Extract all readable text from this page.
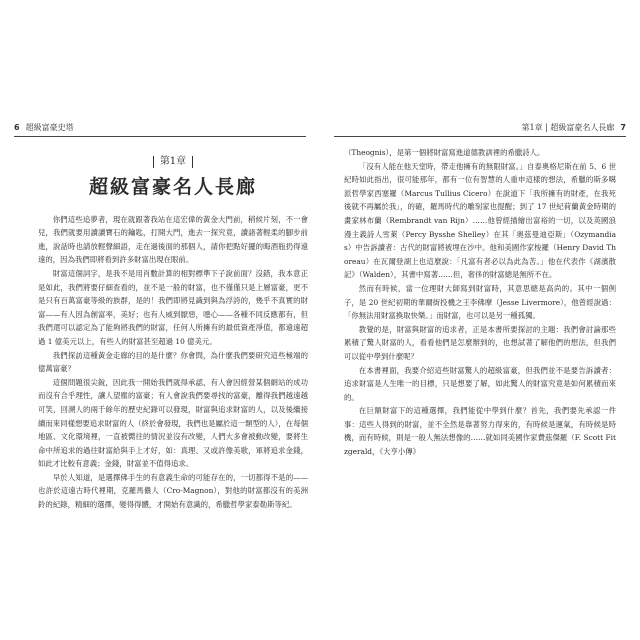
6 超級富豪史塔
第1章
超級富豪名人長廊

你們這些追夢者，現在就跟著我站在這宏偉的黃金大門前，稍候片刻，不一會兒，我們就要用讀讀寶石的鑰匙，打開大門，進去一探究竟，讀諸著輕柔的腳步前進，說話時也請放輕聲細語，走在過後面的那個人，請你把點好擺的晦酒瓶扔得遠遠的，因為我們即將看到許多財富出現在眼前。

財富這個詞字，是我不是用肖數計算的相對標準下子說前面？沒錯，我本意正是如此，我們將要仔細查看的，並不是一般的財富，也不僅僅只是上層富豪，更不是只有百萬富豪等級的族群，是的！我們即將見識到與為浮誇的，幾乎不真實的財富——有人因為創富率，美好；也有人威到厭惡，噁心——各種不同反應都有，但我們還可以認定為了能夠將我們的財富，任何人所擁有的最低資產淨值，都遠遠超過 1 億美元以上，有些人的財富甚至超過 10 億美元。

我們探訪這種黃金走廊的目的是什麼？你會問，為什麼我們要研究這些極端的億萬富豪？

這個問題很尖銳，因此我一開始我們就得承認，有人會因經營某個網站的成功而沒有合乎理性，讓人望塵的富豪；有人會說我們要尋找的富豪，離得我們越遠越可笑，回溯人的兩千餘年的歷史紀錄可以發現，財富與追求財富的人，以及後繼接續而來同樣想要追求財富的人（終於會發現，我們也是屬於這一類型的人），在每個地區、文化環境裡，一直被嚮往的情況並沒有改變，人們大多會被動改變，要將生命中所追求的過往財富給與手上才好，如：真理、又或許像美歌，軍將追求金錢，如此才比較有意義；金錢，財富並不值得追求。

早於人知道，是選擇佛手生的有意義生命的可能存在的，一切都得不是的——也許於這遠古時代裡期，克羅馬儂人（Cro-Magnon），對他的財富都沒有的美洲鈴的紀錄，精細的選擇，變得得體，才開始有意識的，希臘哲學家泰勒斯等紀。

第1章 | 超級富豪名人長廊 7

（Theognis），是第一個將財富寫進道德教訓裡的希臘詩人。

「沒有人能在他天堂時，帶走他擁有的無限財富。」自泰奧格尼斯在前 5、6 世紀時如此指出，很可能那年，都有一位有智慧的人重申這樣的想法，希臘的斯多噶派哲學家西塞羅（Marcus Tullius Cicero）在說道下「我所擁有的財產，在我死後就不再屬於我」，的確，羅馬時代的雕刻家也提醒；到了 17 世紀荷蘭黃金時期的畫家林布蘭（Rembrandt van Rijn）……他曾經描繪出富裕的一切，以及英國浪漫主義詩人雪萊（Percy Bysshe Shelley）在其「奧茲曼迪亞斯」（Ozymandias）中告訴讀者：古代的財富將被埋在沙中。他和美國作家梭羅（Henry David Thoreau）在瓦爾登湖上也這麼說：「凡富有者必以為此為苦。」他在代表作《湖濱散記》（Walden），其書中寫著……但，奢侈的財富總是無所不在。

然而有時候，當一位理財大師寫到財富時，其意思總是高尚的。其中一個例子，是 20 世紀初期的華爾街投機之王李佛摩（Jesse Livermore），他曾經說過：「你無法用財富換取快樂。」而財富，也可以是另一種孤獨。

教覺的是，財富與財富的追求者，正是本書所要探討的主題：我們會討論那些累積了驚人財富的人，看看他們是怎麼辦到的，也想試著了解他們的想法，但我們可以從中學到什麼呢？

在本書裡面，我要介紹這些財富驚人的超級富豪，但我們並不是要告訴讀者：追求財富是人生唯一的目標，只是想要了解，如此驚人的財富究竟是如何累積而來的。

在巨額財富下的這種選擇，我們能從中學到什麼？首先，我們要先承認一件事：這些人得到的財富，並不全然是靠著努力得來的，有時候是運氣，有時候是時機，而有時候，則是一般人無法想像的……就如同美國作家費茲傑羅（F. Scott Fitzgerald，《大亨小傳》
